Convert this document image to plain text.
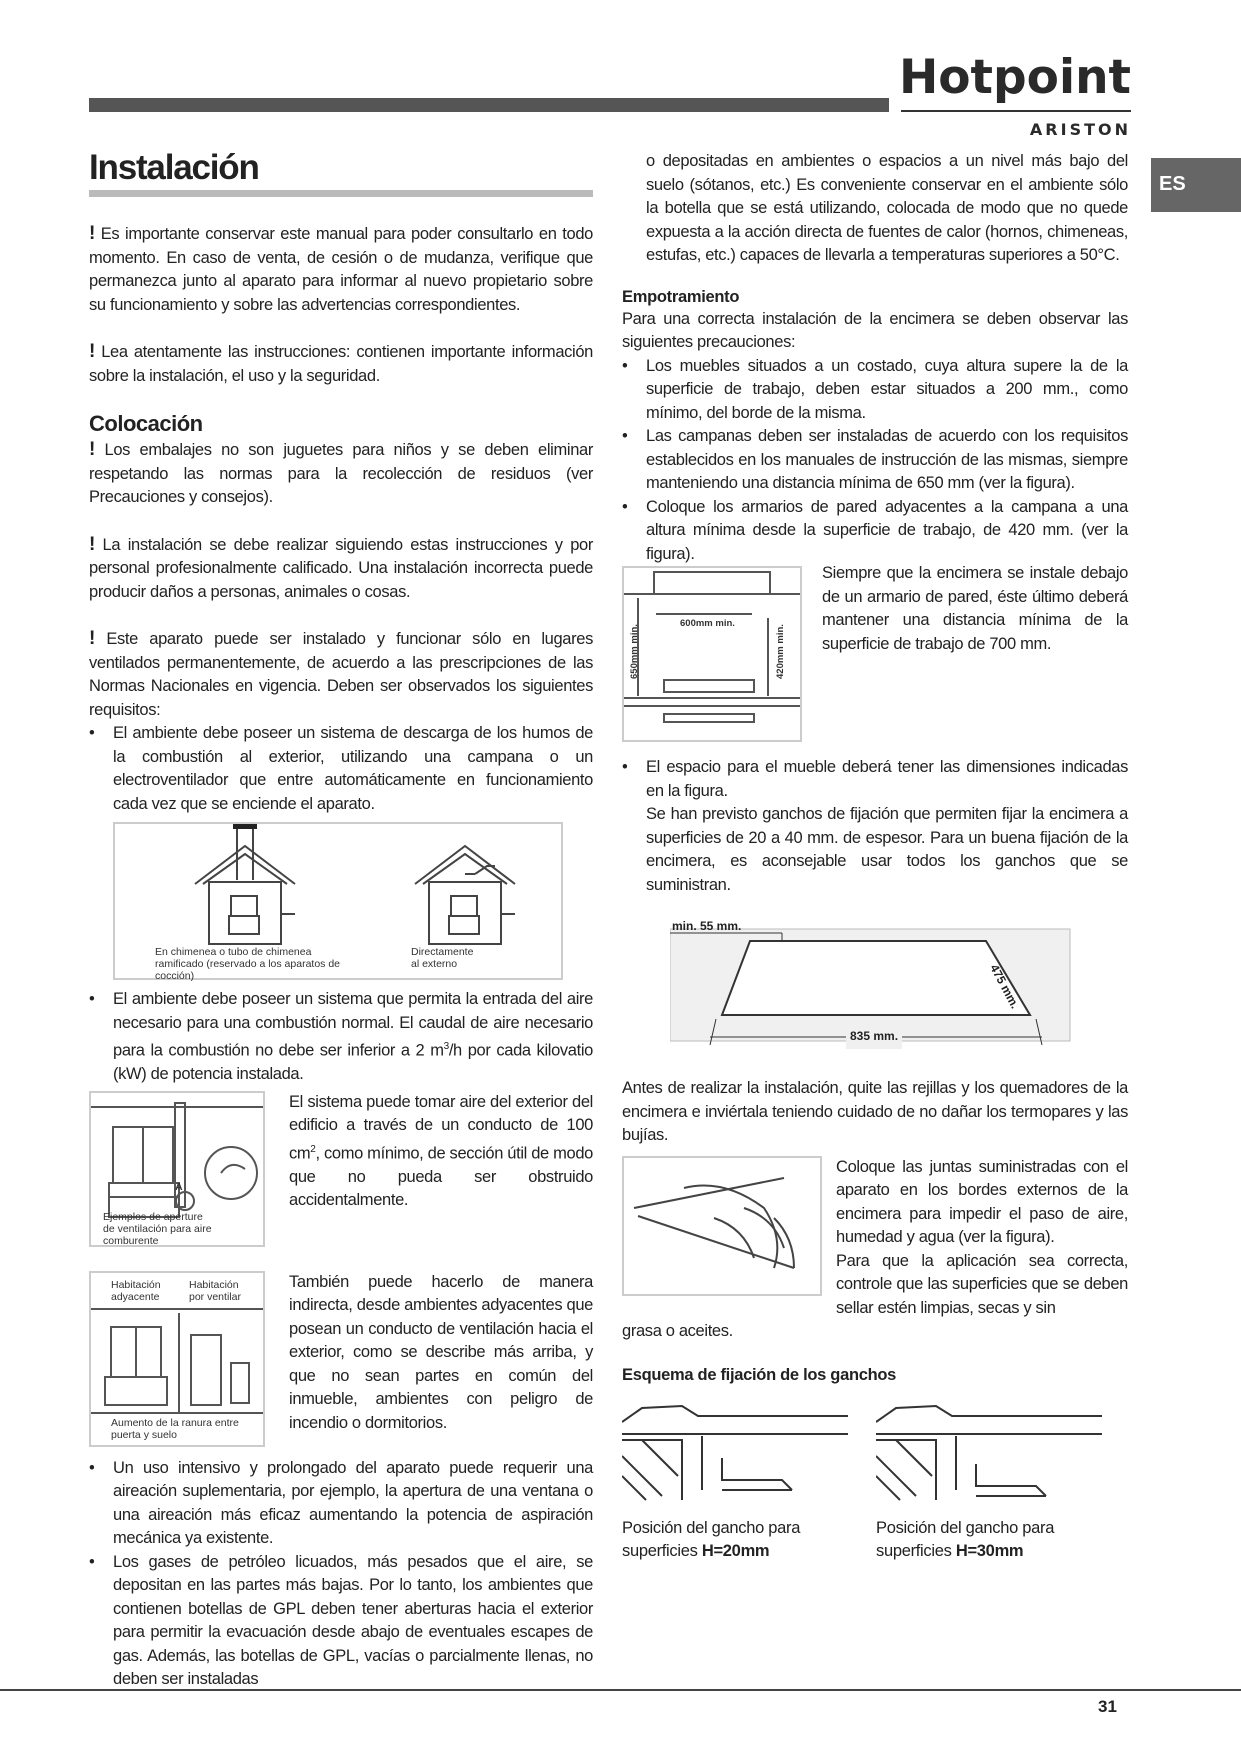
Hotpoint
ARISTON
ES
Instalación

! Es importante conservar este manual para poder consultarlo en todo momento. En caso de venta, de cesión o de mudanza, verifique que permanezca junto al aparato para informar al nuevo propietario sobre su funcionamiento y sobre las advertencias correspondientes.

! Lea atentamente las instrucciones: contienen importante información sobre la instalación, el uso y la seguridad.

Colocación

! Los embalajes no son juguetes para niños y se deben eliminar respetando las normas para la recolección de residuos (ver Precauciones y consejos).

! La instalación se debe realizar siguiendo estas instrucciones y por personal profesionalmente calificado. Una instalación incorrecta puede producir daños a personas, animales o cosas.

! Este aparato puede ser instalado y funcionar sólo en lugares ventilados permanentemente, de acuerdo a las prescripciones de las Normas Nacionales en vigencia. Deben ser observados los siguientes requisitos:

• El ambiente debe poseer un sistema de descarga de los humos de la combustión al exterior, utilizando una campana o un electroventilador que entre automáticamente en funcionamiento cada vez que se enciende el aparato.
En chimenea o tubo de chimenea ramificado (reservado a los aparatos de cocción)
Directamente al externo
• El ambiente debe poseer un sistema que permita la entrada del aire necesario para una combustión normal. El caudal de aire necesario para la combustión no debe ser inferior a 2 $m^3/h$ por cada kilovatio (kW) de potencia instalada.
A
Ejemplos de aperture de ventilación para aire comburente

El sistema puede tomar aire del exterior del edificio a través de un conducto de 100 $cm^2$, como mínimo, de sección útil de modo que no pueda ser obstruido accidentalmente.

Habitación adyacente
Habitación por ventilar
Aumento de la ranura entre puerta y suelo

También puede hacerlo de manera indirecta, desde ambientes adyacentes que posean un conducto de ventilación hacia el exterior, como se describe más arriba, y que no sean partes en común del inmueble, ambientes con peligro de incendio o dormitorios.

• Un uso intensivo y prolongado del aparato puede requerir una aireación suplementaria, por ejemplo, la apertura de una ventana o una aireación más eficaz aumentando la potencia de aspiración mecánica ya existente.
• Los gases de petróleo licuados, más pesados que el aire, se depositan en las partes más bajas. Por lo tanto, los ambientes que contienen botellas de GPL deben tener aberturas hacia el exterior para permitir la evacuación desde abajo de eventuales escapes de gas. Además, las botellas de GPL, vacías o parcialmente llenas, no deben ser instaladas
o depositadas en ambientes o espacios a un nivel más bajo del suelo (sótanos, etc.) Es conveniente conservar en el ambiente sólo la botella que se está utilizando, colocada de modo que no quede expuesta a la acción directa de fuentes de calor (hornos, chimeneas, estufas, etc.) capaces de llevarla a temperaturas superiores a 50°C.
Empotramiento

Para una correcta instalación de la encimera se deben observar las siguientes precauciones:

• Los muebles situados a un costado, cuya altura supere la de la superficie de trabajo, deben estar situados a 200 mm., como mínimo, del borde de la misma.
• Las campanas deben ser instaladas de acuerdo con los requisitos establecidos en los manuales de instrucción de las mismas, siempre manteniendo una distancia mínima de 650 mm (ver la figura).
• Coloque los armarios de pared adyacentes a la campana a una altura mínima desde la superficie de trabajo, de 420 mm. (ver la figura).
600mm min.
650mm min.	420mm min.

Siempre que la encimera se instale debajo de un armario de pared, éste último deberá mantener una distancia mínima de la superficie de trabajo de 700 mm.

• El espacio para el mueble deberá tener las dimensiones indicadas en la figura.
Se han previsto ganchos de fijación que permiten fijar la encimera a superficies de 20 a 40 mm. de espesor. Para un buena fijación de la encimera, es aconsejable usar todos los ganchos que se suministran.
min. 55 mm.
475 mm.
835 mm.

Antes de realizar la instalación, quite las rejillas y los quemadores de la encimera e inviértala teniendo cuidado de no dañar los termopares y las bujías.

Coloque las juntas suministradas con el aparato en los bordes externos de la encimera para impedir el paso de aire, humedad y agua (ver la figura).

Para que la aplicación sea correcta, controle que las superficies que se deben sellar estén limpias, secas y sin

grasa o aceites.

Esquema de fijación de los ganchos
Posición del gancho para superficies H=20mm
Posición del gancho para superficies H=30mm
31
